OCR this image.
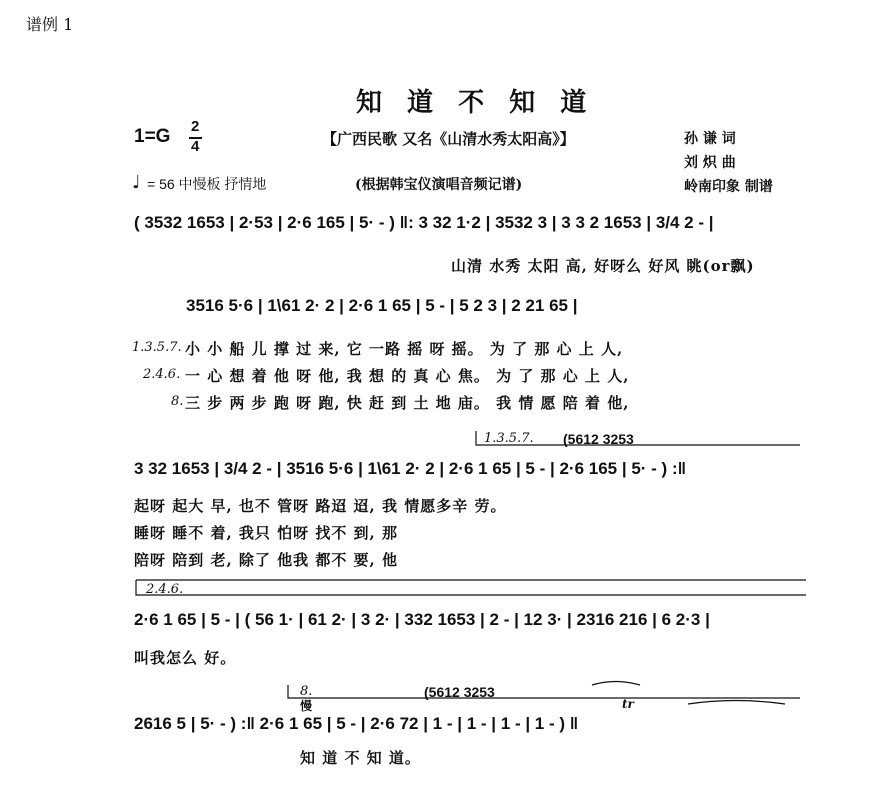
谱例 1
知 道 不 知 道
1=G 2
4	【广西民歌 又名《山清水秀太阳高》】
♩ = 56 中慢板 抒情地	(根据韩宝仪演唱音频记谱)
孙 谦 词
刘 炽 曲
岭南印象 制谱
( 3532 1653 | 2·53 | 2·6 165 | 5· - ) ‖: 3 32 1·2 | 3532 3 | 3 3 2 1653 | 3/4 2 - |
山清 水秀 太阳 高, 好呀么 好风 眺(or飘)
3516 5·6 | 1\61 2· 2 | 2·6 1 65 | 5 - | 5 2 3 | 2 21 65 |
1.3.5.7.
2.4.6.
8.
小 小 船 儿 撑 过 来, 它 一路 摇 呀 摇。 为 了 那 心 上 人,
一 心 想 着 他 呀 他, 我 想 的 真 心 焦。 为 了 那 心 上 人,
三 步 两 步 跑 呀 跑, 快 赶 到 土 地 庙。 我 情 愿 陪 着 他,
1.3.5.7. (5612 3253
3 32 1653 | 3/4 2 - | 3516 5·6 | 1\61 2· 2 | 2·6 1 65 | 5 - | 2·6 165 | 5· - ) :‖
起呀 起大 早, 也不 管呀 路迢 迢, 我 情愿多辛 劳。
睡呀 睡不 着, 我只 怕呀 找不 到, 那
陪呀 陪到 老, 除了 他我 都不 要, 他
2.4.6.
2·6 1 65 | 5 - | ( 56 1· | 61 2· | 3 2· | 332 1653 | 2 - | 12 3· | 2316 216 | 6 2·3 |
叫我怎么 好。
8.
慢
(5612 3253
tr
2616 5 | 5· - ) :‖ 2·6 1 65 | 5 - | 2·6 72 | 1 - | 1 - | 1 - | 1 - ) ‖
知 道 不 知 道。
